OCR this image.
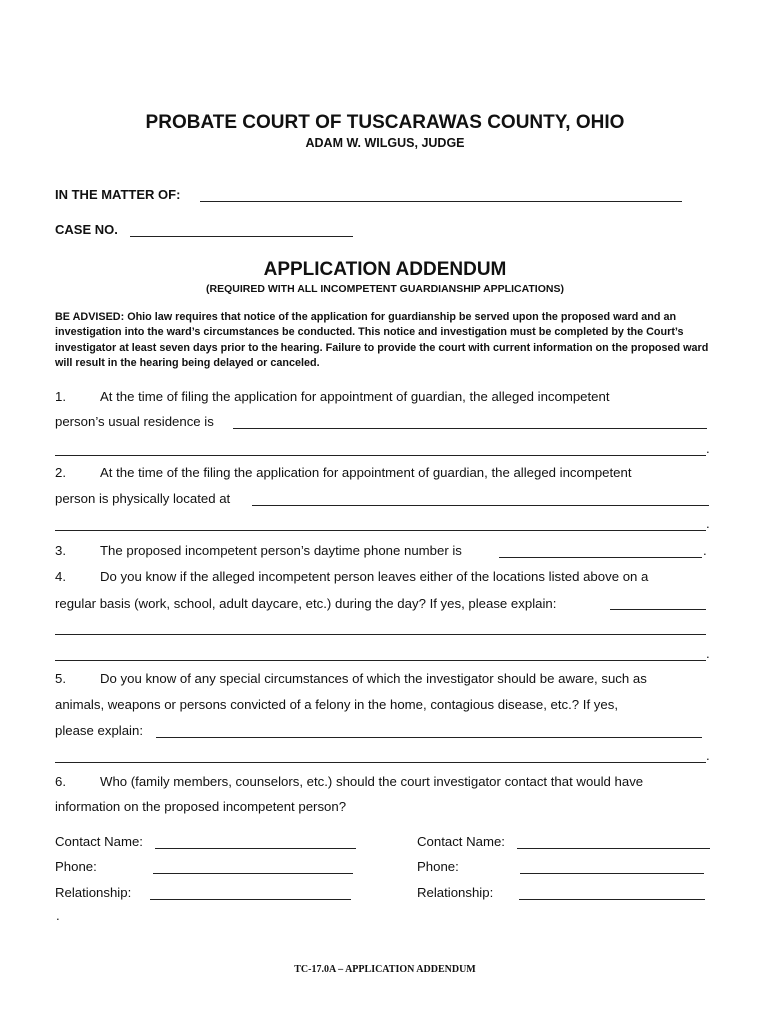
PROBATE COURT OF TUSCARAWAS COUNTY, OHIO
ADAM W. WILGUS, JUDGE
IN THE MATTER OF:
CASE NO.
APPLICATION ADDENDUM
(REQUIRED WITH ALL INCOMPETENT GUARDIANSHIP APPLICATIONS)
BE ADVISED: Ohio law requires that notice of the application for guardianship be served upon the proposed ward and an investigation into the ward’s circumstances be conducted. This notice and investigation must be completed by the Court’s investigator at least seven days prior to the hearing. Failure to provide the court with current information on the proposed ward will result in the hearing being delayed or canceled.
1.	At the time of filing the application for appointment of guardian, the alleged incompetent
person’s usual residence is
.
2.	At the time of the filing the application for appointment of guardian, the alleged incompetent
person is physically located at
.
3.	The proposed incompetent person’s daytime phone number is	.
4.	Do you know if the alleged incompetent person leaves either of the locations listed above on a
regular basis (work, school, adult daycare, etc.) during the day? If yes, please explain:
.
5.	Do you know of any special circumstances of which the investigator should be aware, such as
animals, weapons or persons convicted of a felony in the home, contagious disease, etc.? If yes,
please explain:
.
6.	Who (family members, counselors, etc.) should the court investigator contact that would have
information on the proposed incompetent person?
Contact Name:
Phone:
Relationship:
Contact Name:
Phone:
Relationship:
.
TC-17.0A – APPLICATION ADDENDUM
